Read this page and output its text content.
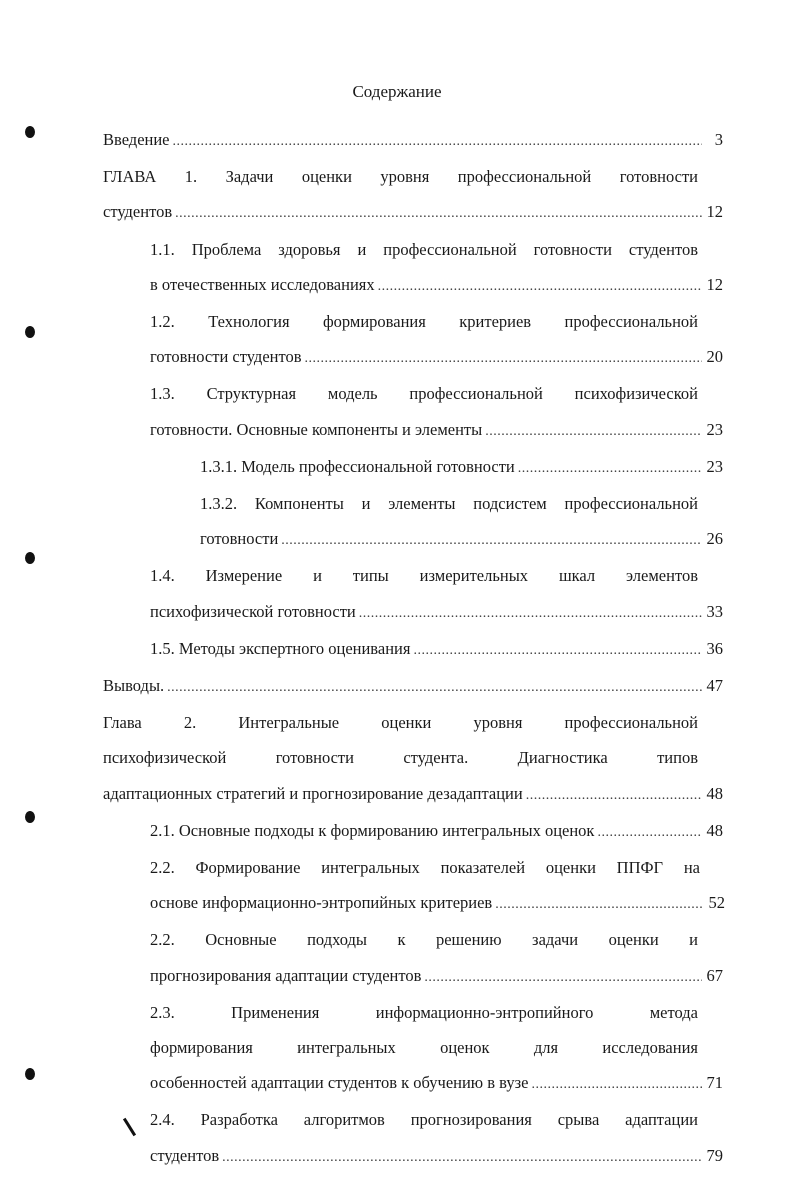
Содержание
Введение .....	3
ГЛАВА 1. Задачи оценки уровня профессиональной готовности
студентов .....	12
1.1. Проблема здоровья и профессиональной готовности студентов
в отечественных исследованиях .....	12
1.2. Технология формирования критериев профессиональной
готовности студентов .....	20
1.3. Структурная модель профессиональной психофизической
готовности. Основные компоненты и элементы .....	23
1.3.1. Модель профессиональной готовности .....	23
1.3.2. Компоненты и элементы подсистем профессиональной
готовности .....	26
1.4. Измерение и типы измерительных шкал элементов
психофизической готовности .....	33
1.5. Методы экспертного оценивания .....	36
Выводы. .....	47
Глава 2. Интегральные оценки уровня профессиональной
психофизической готовности студента. Диагностика типов
адаптационных стратегий и прогнозирование дезадаптации .....	48
2.1. Основные подходы к формированию интегральных оценок .....	48
2.2. Формирование интегральных показателей оценки ППФГ на
основе информационно-энтропийных критериев .....	52
2.2. Основные подходы к решению задачи оценки и
прогнозирования адаптации студентов .....	67
2.3. Применения информационно-энтропийного метода
формирования интегральных оценок для исследования
особенностей адаптации студентов к обучению в вузе .....	71
2.4. Разработка алгоритмов прогнозирования срыва адаптации
студентов .....	79
